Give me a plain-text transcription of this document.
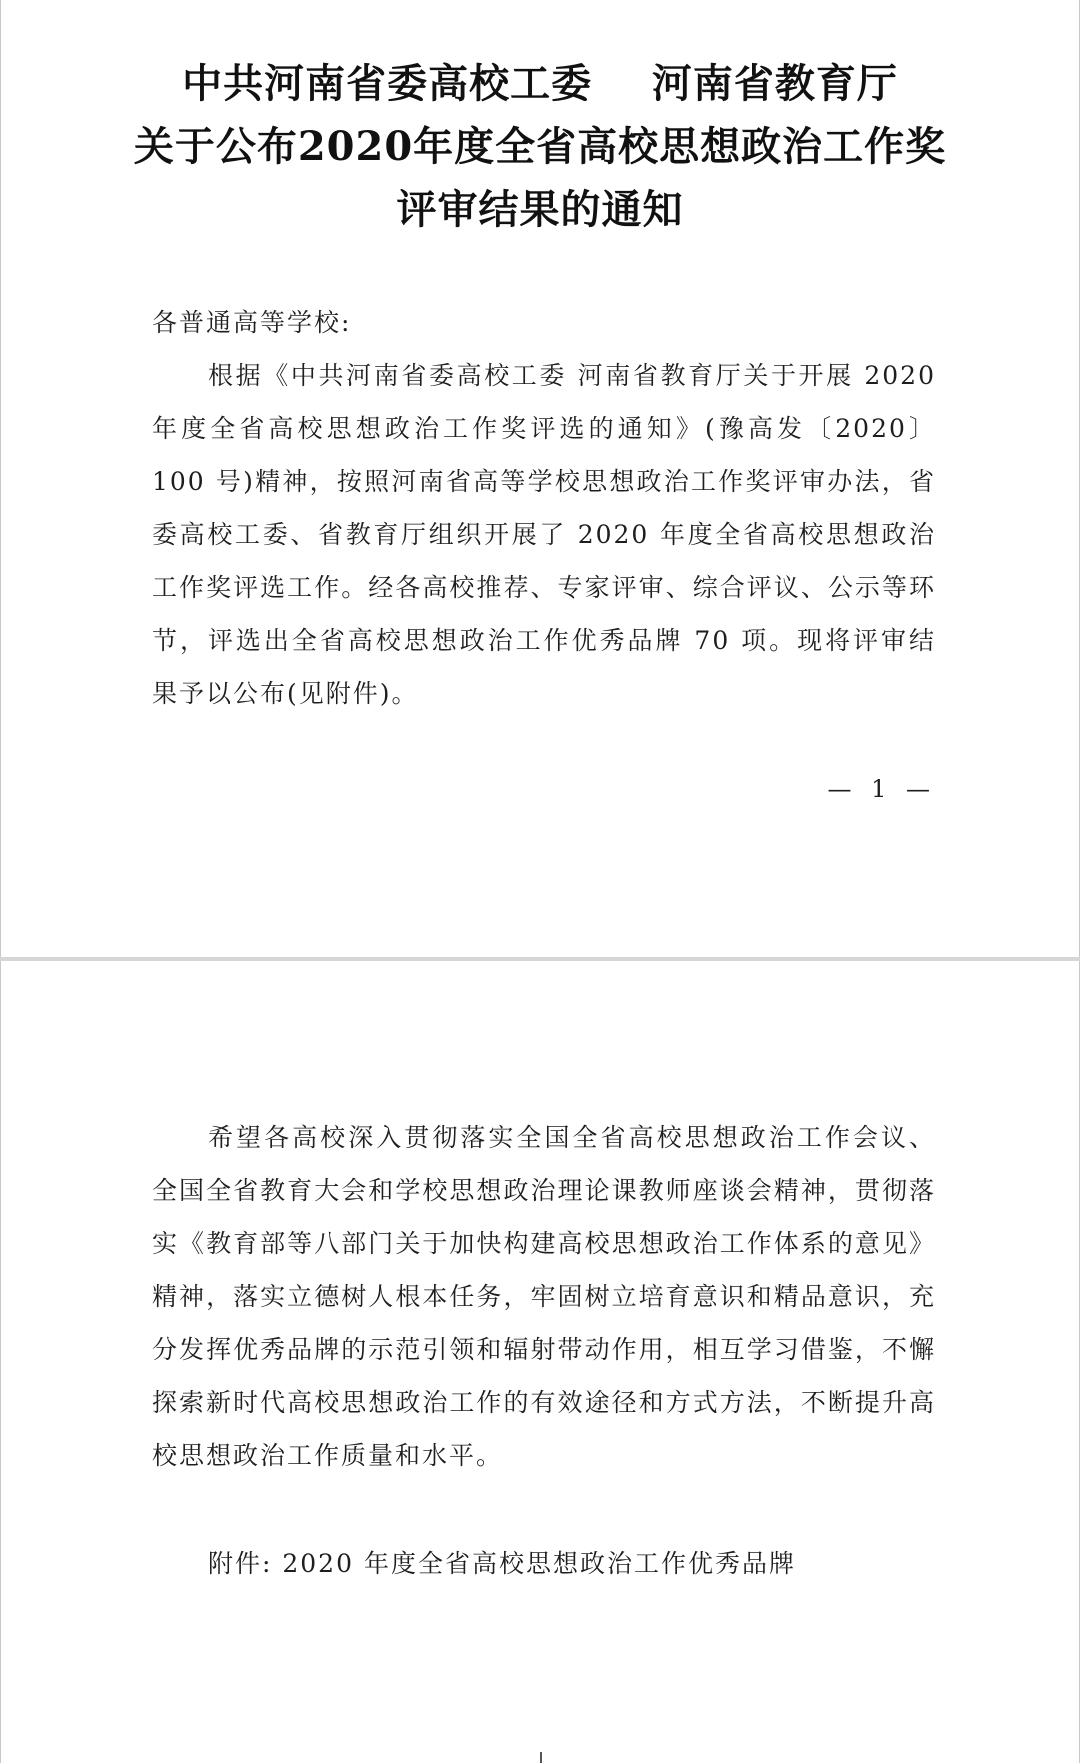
中共河南省委高校工委    河南省教育厅
关于公布2020年度全省高校思想政治工作奖
评审结果的通知
各普通高等学校:
根据《中共河南省委高校工委 河南省教育厅关于开展 2020 年度全省高校思想政治工作奖评选的通知》(豫高发〔2020〕100 号)精神，按照河南省高等学校思想政治工作奖评审办法，省委高校工委、省教育厅组织开展了 2020 年度全省高校思想政治工作奖评选工作。经各高校推荐、专家评审、综合评议、公示等环节，评选出全省高校思想政治工作优秀品牌 70 项。现将评审结果予以公布(见附件)。
— 1 —
希望各高校深入贯彻落实全国全省高校思想政治工作会议、全国全省教育大会和学校思想政治理论课教师座谈会精神，贯彻落实《教育部等八部门关于加快构建高校思想政治工作体系的意见》精神，落实立德树人根本任务，牢固树立培育意识和精品意识，充分发挥优秀品牌的示范引领和辐射带动作用，相互学习借鉴，不懈探索新时代高校思想政治工作的有效途径和方式方法，不断提升高校思想政治工作质量和水平。
附件: 2020 年度全省高校思想政治工作优秀品牌
